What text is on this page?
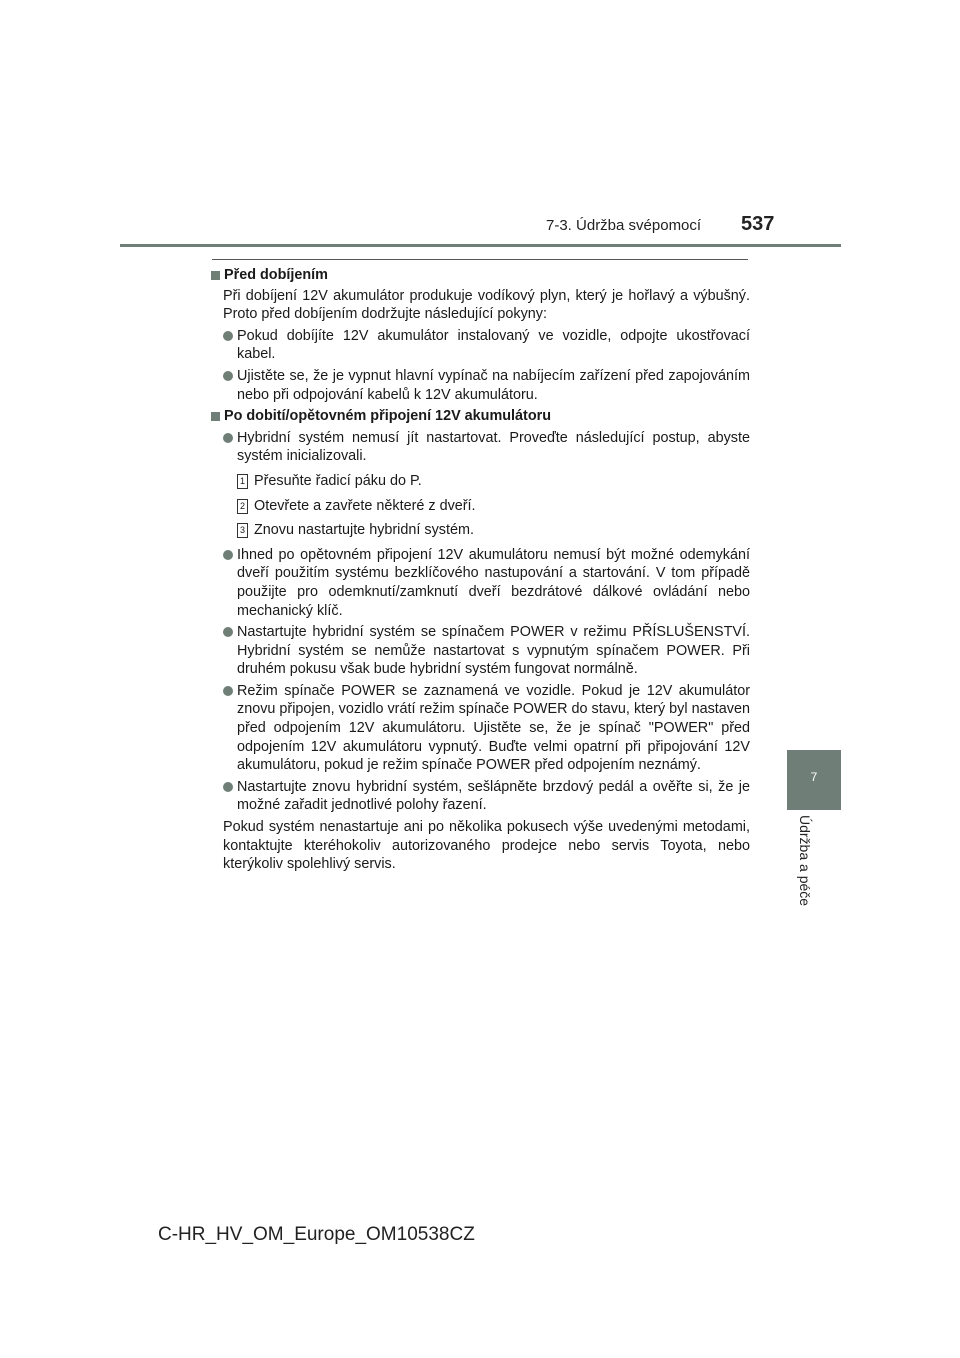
7-3. Údržba svépomocí 537
7
Údržba a péče
Před dobíjením
Při dobíjení 12V akumulátor produkuje vodíkový plyn, který je hořlavý a výbušný. Proto před dobíjením dodržujte následující pokyny:
Pokud dobíjíte 12V akumulátor instalovaný ve vozidle, odpojte ukostřovací kabel.
Ujistěte se, že je vypnut hlavní vypínač na nabíjecím zařízení před zapojováním nebo při odpojování kabelů k 12V akumulátoru.
Po dobití/opětovném připojení 12V akumulátoru
Hybridní systém nemusí jít nastartovat. Proveďte následující postup, abyste systém inicializovali.
1 Přesuňte řadicí páku do P.
2 Otevřete a zavřete některé z dveří.
3 Znovu nastartujte hybridní systém.
Ihned po opětovném připojení 12V akumulátoru nemusí být možné odemykání dveří použitím systému bezklíčového nastupování a startování. V tom případě použijte pro odemknutí/zamknutí dveří bezdrátové dálkové ovládání nebo mechanický klíč.
Nastartujte hybridní systém se spínačem POWER v režimu PŘÍSLUŠENSTVÍ. Hybridní systém se nemůže nastartovat s vypnutým spínačem POWER. Při druhém pokusu však bude hybridní systém fungovat normálně.
Režim spínače POWER se zaznamená ve vozidle. Pokud je 12V akumulátor znovu připojen, vozidlo vrátí režim spínače POWER do stavu, který byl nastaven před odpojením 12V akumulátoru. Ujistěte se, že je spínač "POWER" před odpojením 12V akumulátoru vypnutý. Buďte velmi opatrní při připojování 12V akumulátoru, pokud je režim spínače POWER před odpojením neznámý.
Nastartujte znovu hybridní systém, sešlápněte brzdový pedál a ověřte si, že je možné zařadit jednotlivé polohy řazení.
Pokud systém nenastartuje ani po několika pokusech výše uvedenými metodami, kontaktujte kteréhokoliv autorizovaného prodejce nebo servis Toyota, nebo kterýkoliv spolehlivý servis.
C-HR_HV_OM_Europe_OM10538CZ
